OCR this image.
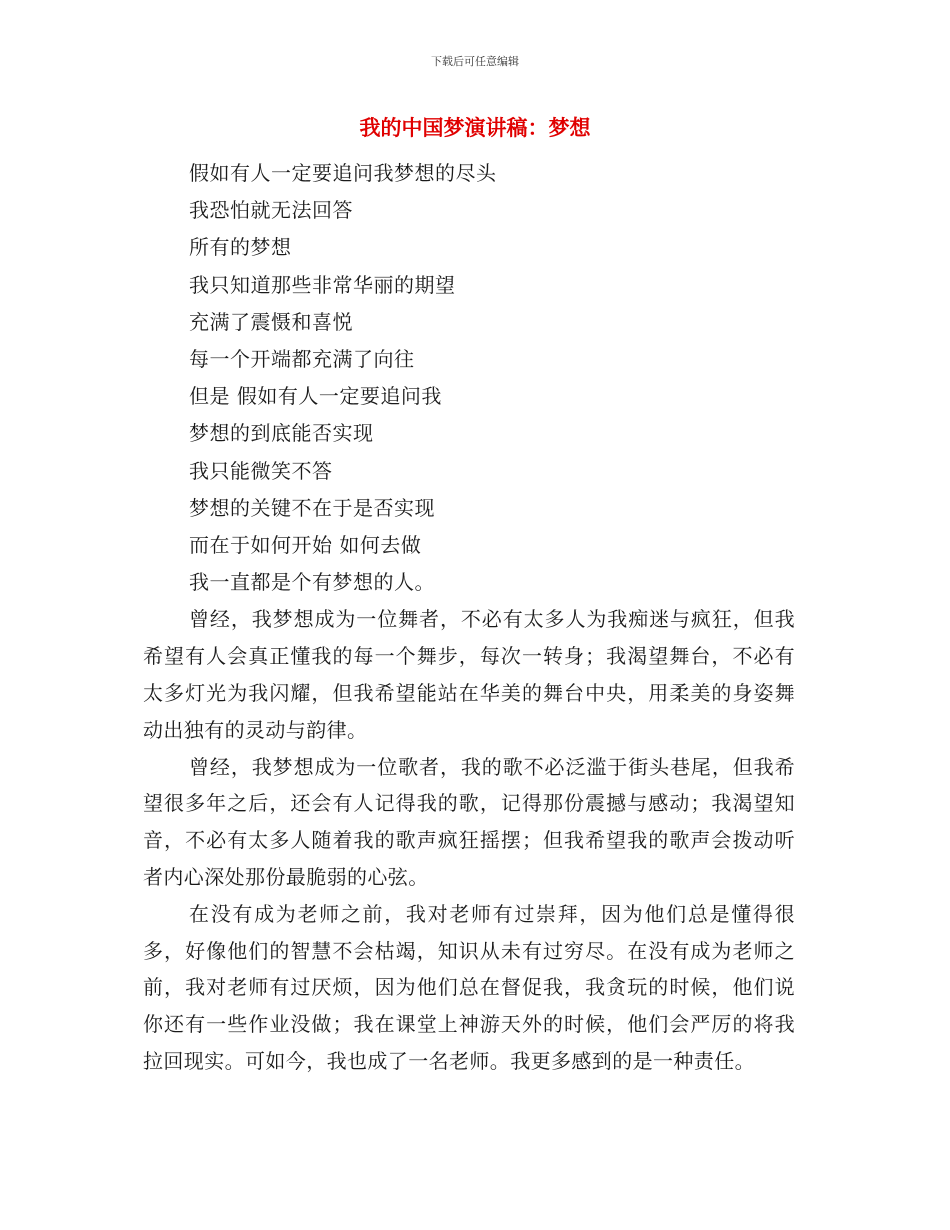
下载后可任意编辑
我的中国梦演讲稿：梦想
假如有人一定要追问我梦想的尽头
我恐怕就无法回答
所有的梦想
我只知道那些非常华丽的期望
充满了震慑和喜悦
每一个开端都充满了向往
但是 假如有人一定要追问我
梦想的到底能否实现
我只能微笑不答
梦想的关键不在于是否实现
而在于如何开始 如何去做
我一直都是个有梦想的人。

曾经，我梦想成为一位舞者，不必有太多人为我痴迷与疯狂，但我希望有人会真正懂我的每一个舞步，每次一转身；我渴望舞台，不必有太多灯光为我闪耀，但我希望能站在华美的舞台中央，用柔美的身姿舞动出独有的灵动与韵律。

曾经，我梦想成为一位歌者，我的歌不必泛滥于街头巷尾，但我希望很多年之后，还会有人记得我的歌，记得那份震撼与感动；我渴望知音，不必有太多人随着我的歌声疯狂摇摆；但我希望我的歌声会拨动听者内心深处那份最脆弱的心弦。

在没有成为老师之前，我对老师有过崇拜，因为他们总是懂得很多，好像他们的智慧不会枯竭，知识从未有过穷尽。在没有成为老师之前，我对老师有过厌烦，因为他们总在督促我，我贪玩的时候，他们说你还有一些作业没做；我在课堂上神游天外的时候，他们会严厉的将我拉回现实。可如今，我也成了一名老师。我更多感到的是一种责任。
